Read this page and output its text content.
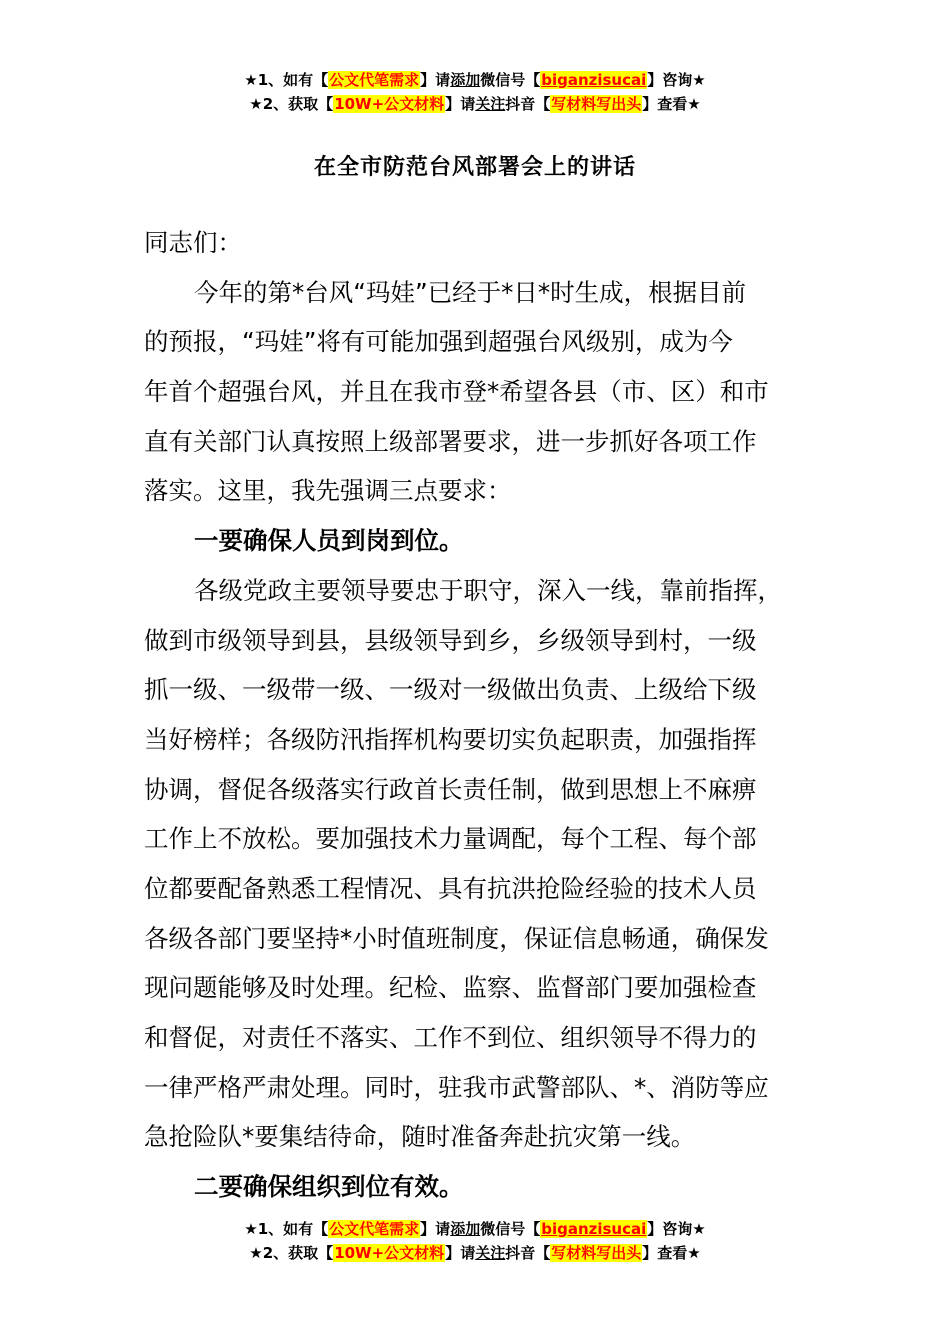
★1、如有【公文代笔需求】请添加微信号【biganzisucai】咨询★
★2、获取【10W+公文材料】请关注抖音【写材料写出头】查看★
在全市防范台风部署会上的讲话
同志们：
今年的第*台风“玛娃”已经于*日*时生成，根据目前
的预报，“玛娃”将有可能加强到超强台风级别，成为今
年首个超强台风，并且在我市登*希望各县（市、区）和市
直有关部门认真按照上级部署要求，进一步抓好各项工作
落实。这里，我先强调三点要求：
一要确保人员到岗到位。
各级党政主要领导要忠于职守，深入一线，靠前指挥，
做到市级领导到县，县级领导到乡，乡级领导到村，一级
抓一级、一级带一级、一级对一级做出负责、上级给下级
当好榜样；各级防汛指挥机构要切实负起职责，加强指挥
协调，督促各级落实行政首长责任制，做到思想上不麻痹
工作上不放松。要加强技术力量调配，每个工程、每个部
位都要配备熟悉工程情况、具有抗洪抢险经验的技术人员
各级各部门要坚持*小时值班制度，保证信息畅通，确保发
现问题能够及时处理。纪检、监察、监督部门要加强检查
和督促，对责任不落实、工作不到位、组织领导不得力的
一律严格严肃处理。同时，驻我市武警部队、*、消防等应
急抢险队*要集结待命，随时准备奔赴抗灾第一线。
二要确保组织到位有效。
★1、如有【公文代笔需求】请添加微信号【biganzisucai】咨询★
★2、获取【10W+公文材料】请关注抖音【写材料写出头】查看★
